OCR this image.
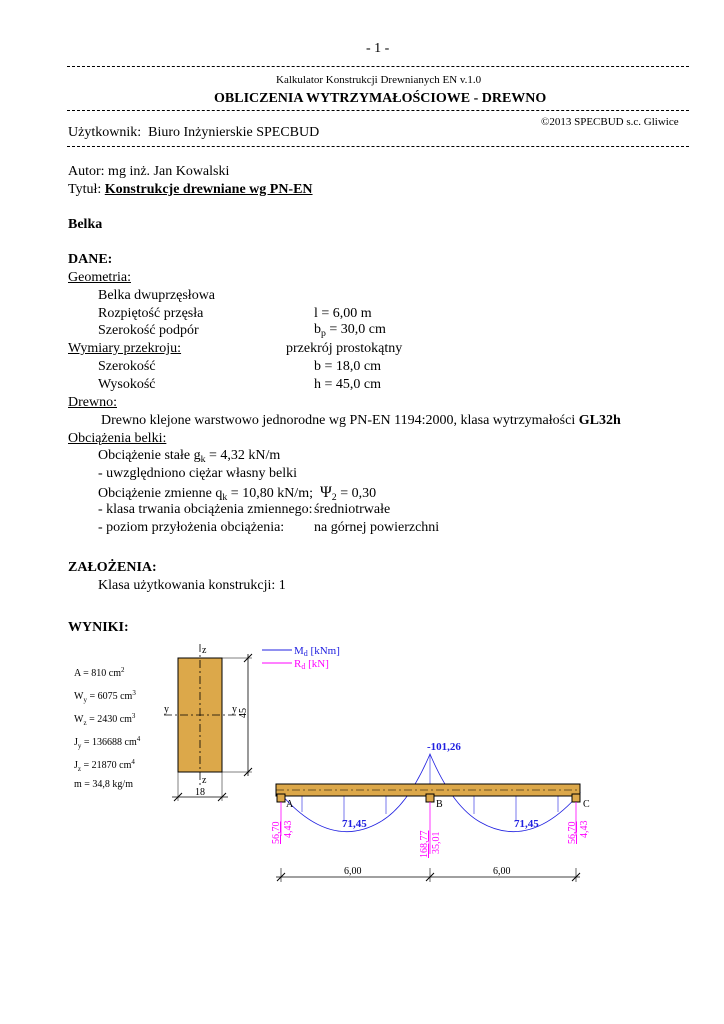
- 1 -
Kalkulator Konstrukcji Drewnianych EN v.1.0
OBLICZENIA WYTRZYMAŁOŚCIOWE - DREWNO
©2013 SPECBUD s.c. Gliwice
Użytkownik: Biuro Inżynierskie SPECBUD
Autor: mg inż. Jan Kowalski
Tytuł: Konstrukcje drewniane wg PN-EN
Belka
DANE:
Geometria:
Belka dwuprzęsłowa
Rozpiętość przęsła	l = 6,00 m
Szerokość podpór	$b_p = 30,0$ cm
Wymiary przekroju:	przekrój prostokątny
Szerokość	b = 18,0 cm
Wysokość	h = 45,0 cm
Drewno:
Drewno klejone warstwowo jednorodne wg PN-EN 1194:2000, klasa wytrzymałości GL32h
Obciążenia belki:
Obciążenie stałe $g_k = 4,32$ kN/m
- uwzględniono ciężar własny belki
Obciążenie zmienne $q_k = 10,80$ kN/m; $\Psi_2 = 0,30$
- klasa trwania obciążenia zmiennego: średniotrwałe
- poziom przyłożenia obciążenia: na górnej powierzchni
ZAŁOŻENIA:
Klasa użytkowania konstrukcji: 1
WYNIKI:
A = 810 $cm^2$
$W_y = 6075$ $cm^3$
$W_z = 2430$ $cm^3$
$J_y = 136688$ $cm^4$
$J_z = 21870$ $cm^4$
m = 34,8 kg/m
z
z
y	y 45
18
Md [kNm]
Rd [kN]
A	B	C
-101,26
71,45	71,45
56,70 4,43
168,77 35,01	56,70 4,43
6,00	6,00
